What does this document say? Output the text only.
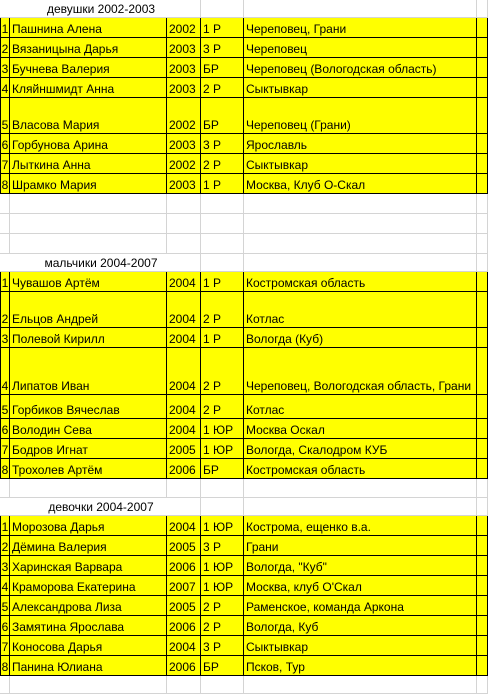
девушки 2002-2003
1 Пашнина Алена	2002 1 Р	Череповец, Грани
2 Вязаницына Дарья	2003 3 Р	Череповец
3 Бучнева Валерия	2003 БР	Череповец (Вологодская область)
4 Кляйншмидт Анна	2003 2 Р	Сыктывкар
5 Власова Мария	2002 БР	Череповец (Грани)
6 Горбунова Арина	2003 3 Р	Ярославль
7 Лыткина Анна	2002 2 Р	Сыктывкар
8 Шрамко Мария	2003 1 Р	Москва, Клуб О-Скал
мальчики 2004-2007
1 Чувашов Артём	2004 1 Р	Костромская область
2 Ельцов Андрей	2004 2 Р	Котлас
3 Полевой Кирилл	2004 1 Р	Вологда (Куб)
4 Липатов Иван	2004 2 Р	Череповец, Вологодская область, Грани
5 Горбиков Вячеслав	2004 2 Р	Котлас
6 Володин Сева	2004 1 ЮР	Москва Оскал
7 Бодров Игнат	2005 1 ЮР	Вологда, Скалодром КУБ
8 Трохолев Артём	2006 БР	Костромская область
девочки 2004-2007
1 Морозова Дарья	2004 1 ЮР	Кострома, ещенко в.а.
2 Дёмина Валерия	2005 3 Р	Грани
3 Харинская Варвара	2006 1 ЮР	Вологда, "Куб"
4 Краморова Екатерина	2007 1 ЮР	Москва, клуб О'Скал
5 Александрова Лиза	2005 2 Р	Раменское, команда Аркона
6 Замятина Ярослава	2006 2 Р	Вологда, Куб
7 Коносова Дарья	2004 3 Р	Сыктывкар
8 Панина Юлиана	2006 БР	Псков, Тур
